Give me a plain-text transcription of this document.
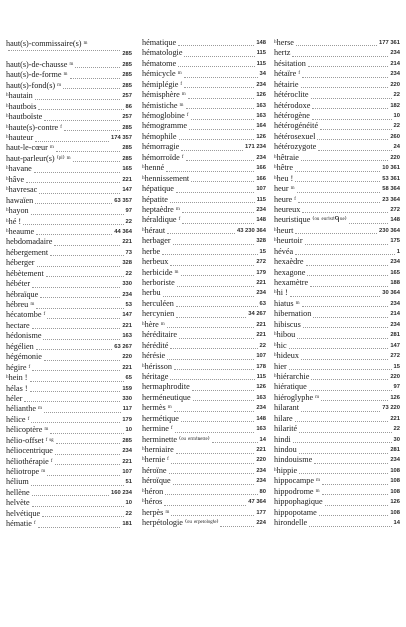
haut(s)-commissaire(s) ᵐ
285
haut(s)-de-chausse ᵐ	285
haut(s)-de-forme ᵐ	285
haut(s)-fond(s) ᵐ	285
ʰhautain	257
ʰhautbois	86
ʰhautboïste	257
ʰhaute(s)-contre ᶠ	285
ʰhauteur	174 357
haut-le-cœur ᵐ	285
haut-parleur(s) ⁽ᵖˡ⁾ ᵐ	285
ʰhavane	165
ʰhâve	221
ʰhavresac	147
hawaïen	63 357
ʰhayon	97
ʰhé !	22
ʰheaume	44 364
hebdomadaire	221
hébergement	73
héberger	328
hébètement	22
hébéter	330
hébraïque	234
hébreu ᵐ	53
hécatombe ᶠ	147
hectare	221
hédonisme	163
hégélien	63 267
hégémonie	220
hégire ᶠ	221
ʰhein !	65
hélas !	159
héler	330
hélianthe ᵐ	117
hélice ᶠ	179
hélicoptère ᵐ	10
hélio-offset ᶠ ˢᵍ	285
héliocentrique	234
héliothérapie ᶠ	221
héliotrope ᵐ	107
hélium	51
hellène	160 234
helvète	10
helvétique	22
hématie ᶠ	181
hématique	148
hématologie	115
hématome	115
hémicycle ᵐ	34
hémiplégie ᶠ	234
hémisphère ᵐ	126
hémistiche ᵐ	163
hémoglobine ᶠ	163
hémogramme	164
hémophile	126
hémorragie	171 234
hémorroïde ᶠ	234
ʰhenné	166
ʰhennissement	166
hépatique	107
hépatite	115
heptaèdre ᵐ	234
héraldique ᶠ	148
ʰhéraut	43 230 364
herbager	328
herbe	15
herbeux	272
herbicide ᵐ	179
herboriste	221
herbu	234
herculéen	63
hercynien	34 267
ʰhère ᵐ	221
héréditaire	221
hérédité	22
hérésie	107
ʰhérisson	178
héritage	115
hermaphrodite	126
herméneutique	163
hermès ᵐ	234
hermétique	148
hermine ᶠ	163
herminette ⁽ᵒᵘ ᵉʳᵐⁱⁿᵉᵗᵗᵉ⁾	14
ʰherniaire	221
ʰhernie ᶠ	220
héroïne	234
héroïque	234
ʰhéron	80
ʰhéros	47 364
herpès ᵐ	177
herpétologie ⁽ᵒᵘ ᵉʳᵖᵉᵗᵒˡᵒᵍⁱᵉ⁾	224
ʰherse	177 361
hertz	234
hésitation	214
hétaïre ᶠ	234
hétairie	220
hétéroclite	22
hétérodoxe	182
hétérogène	10
hétérogénéité	22
hétérosexuel	260
hétérozygote	24
ʰhêtraie	220
ʰhêtre	10 361
ʰheu !	53 361
heur ᵐ	58 364
heure ᶠ	23 364
heureux	272
heuristique ⁽ᵒᵘ ᵉᵘʳⁱˢᵗⁱᑫᵘᵉ⁾	148
ʰheurt	230 364
ʰheurtoir	175
hévéa	1
hexaèdre	234
hexagone	165
hexamètre	188
ʰhi !	30 364
hiatus ᵐ	234
hibernation	214
hibiscus	234
ʰhibou	281
ʰhic	147
ʰhideux	272
hier	15
ʰhiérarchie	220
hiératique	97
hiéroglyphe ᵐ	126
hilarant	73 220
hilare	221
hilarité	22
hindi	30
hindou	281
hindouisme	234
ʰhippie	108
hippocampe ᵐ	108
hippodrome ᵐ	108
hippophagique	126
hippopotame	108
hirondelle	14
